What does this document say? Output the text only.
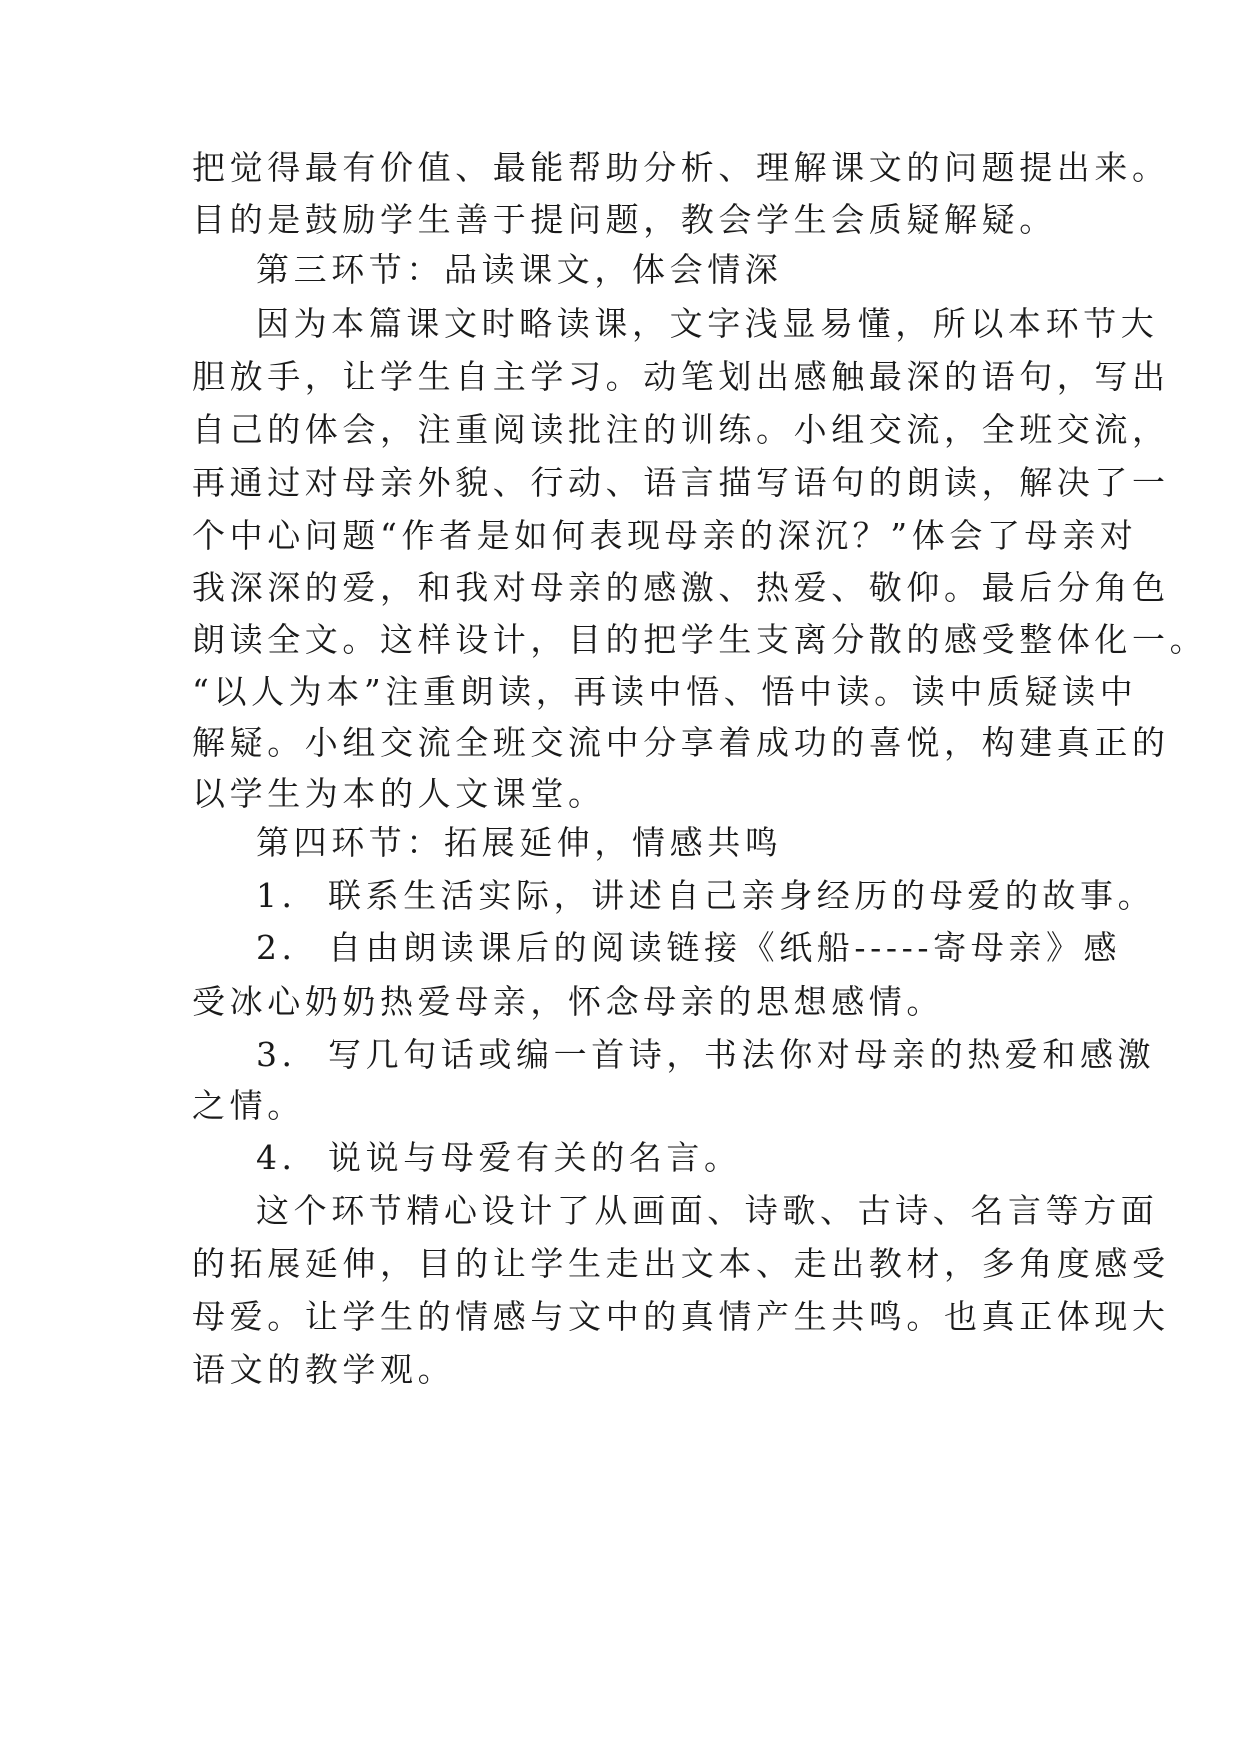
把觉得最有价值、最能帮助分析、理解课文的问题提出来。
目的是鼓励学生善于提问题，教会学生会质疑解疑。
第三环节：品读课文，体会情深
因为本篇课文时略读课，文字浅显易懂，所以本环节大
胆放手，让学生自主学习。动笔划出感触最深的语句，写出
自己的体会，注重阅读批注的训练。小组交流，全班交流，
再通过对母亲外貌、行动、语言描写语句的朗读，解决了一
个中心问题“作者是如何表现母亲的深沉？”体会了母亲对
我深深的爱，和我对母亲的感激、热爱、敬仰。最后分角色
朗读全文。这样设计，目的把学生支离分散的感受整体化一。
“以人为本”注重朗读，再读中悟、悟中读。读中质疑读中
解疑。小组交流全班交流中分享着成功的喜悦，构建真正的
以学生为本的人文课堂。
第四环节：拓展延伸，情感共鸣
1． 联系生活实际，讲述自己亲身经历的母爱的故事。
2． 自由朗读课后的阅读链接《纸船-----寄母亲》感
受冰心奶奶热爱母亲，怀念母亲的思想感情。
3． 写几句话或编一首诗，书法你对母亲的热爱和感激
之情。
4． 说说与母爱有关的名言。
这个环节精心设计了从画面、诗歌、古诗、名言等方面
的拓展延伸，目的让学生走出文本、走出教材，多角度感受
母爱。让学生的情感与文中的真情产生共鸣。也真正体现大
语文的教学观。
